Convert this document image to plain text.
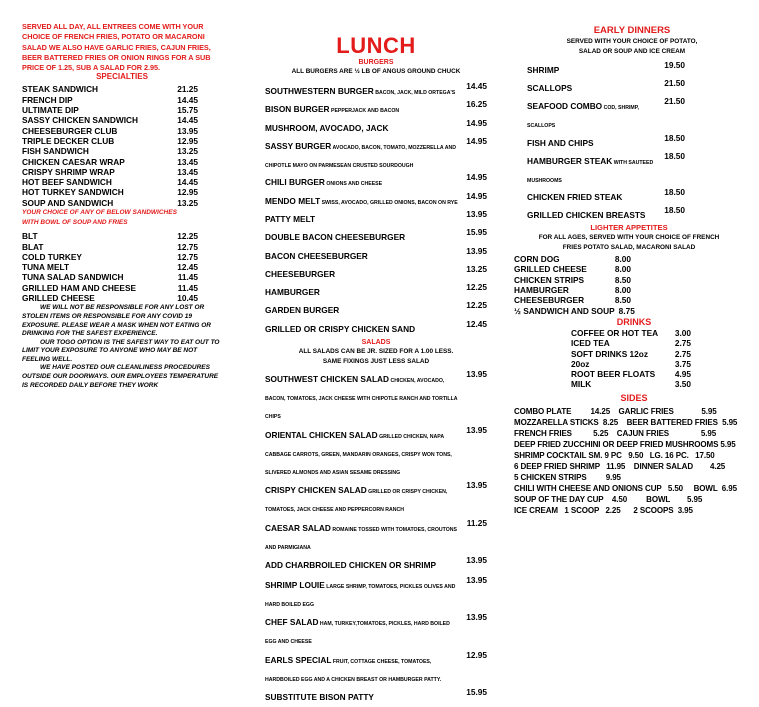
SERVED ALL DAY, ALL ENTREES COME WITH YOUR CHOICE OF FRENCH FRIES, POTATO OR MACARONI SALAD WE ALSO HAVE GARLIC FRIES, CAJUN FRIES, BEER BATTERED FRIES OR ONION RINGS FOR A SUB PRICE OF 1.25, SUB A SALAD FOR 2.95.
SPECIALTIES
STEAK SANDWICH	21.25
FRENCH DIP	14.45
ULTIMATE DIP	15.75
SASSY CHICKEN SANDWICH	14.45
CHEESEBURGER CLUB	13.95
TRIPLE DECKER CLUB	12.95
FISH SANDWICH	13.25
CHICKEN CAESAR WRAP	13.45
CRISPY SHRIMP WRAP	13.45
HOT BEEF SANDWICH	14.45
HOT TURKEY SANDWICH	12.95
SOUP AND SANDWICH	13.25
YOUR CHOICE OF ANY OF BELOW SANDWICHES WITH BOWL OF SOUP AND FRIES
BLT	12.25
BLAT	12.75
COLD TURKEY	12.75
TUNA MELT	12.45
TUNA SALAD SANDWICH	11.45
GRILLED HAM AND CHEESE	11.45
GRILLED CHEESE	10.45
WE WILL NOT BE RESPONSIBLE FOR ANY LOST OR STOLEN ITEMS OR RESPONSIBLE FOR ANY COVID 19 EXPOSURE. PLEASE WEAR A MASK WHEN NOT EATING OR DRINKING FOR THE SAFEST EXPERIENCE.
OUR TOGO OPTION IS THE SAFEST WAY TO EAT OUT TO LIMIT YOUR EXPOSURE TO ANYONE WHO MAY BE NOT FEELING WELL.
WE HAVE POSTED OUR CLEANLINESS PROCEDURES OUTSIDE OUR DOORWAYS. OUR EMPLOYEES TEMPERATURE IS RECORDED DAILY BEFORE THEY WORK
LUNCH
BURGERS
ALL BURGERS ARE ½ LB OF ANGUS GROUND CHUCK
SOUTHWESTERN BURGER BACON, JACK, MILD ORTEGA'S
14.45
BISON BURGER PEPPERJACK AND BACON
16.25
MUSHROOM, AVOCADO, JACK	14.95
SASSY BURGER AVOCADO, BACON, TOMATO, MOZZERELLA AND CHIPOTLE MAYO ON PARMESEAN CRUSTED SOURDOUGH
14.95
CHILI BURGER ONIONS AND CHEESE
14.95
MENDO MELT SWISS, AVOCADO, GRILLED ONIONS, BACON ON RYE
14.95
PATTY MELT	13.95
DOUBLE BACON CHEESEBURGER	15.95
BACON CHEESEBURGER	13.95
CHEESEBURGER	13.25
HAMBURGER	12.25
GARDEN BURGER	12.25
GRILLED OR CRISPY CHICKEN SAND	12.45
SALADS
ALL SALADS CAN BE JR. SIZED FOR A 1.00 LESS. SAME FIXINGS JUST LESS SALAD
SOUTHWEST CHICKEN SALAD CHICKEN, AVOCADO, BACON, TOMATOES, JACK CHEESE WITH CHIPOTLE RANCH AND TORTILLA CHIPS
13.95
ORIENTAL CHICKEN SALAD GRILLED CHICKEN, NAPA CABBAGE CARROTS, GREEN, MANDARIN ORANGES, CRISPY WON TONS, SLIVERED ALMONDS AND ASIAN SESAME DRESSING
13.95
CRISPY CHICKEN SALAD GRILLED OR CRISPY CHICKEN, TOMATOES, JACK CHEESE AND PEPPERCORN RANCH
13.95
CAESAR SALAD ROMAINE TOSSED WITH TOMATOES, CROUTONS AND PARMIGIANA
11.25
ADD CHARBROILED CHICKEN OR SHRIMP	13.95
SHRIMP LOUIE LARGE SHRIMP, TOMATOES, PICKLES OLIVES AND HARD BOILED EGG
13.95
CHEF SALAD HAM, TURKEY,TOMATOES, PICKLES, HARD BOILED EGG AND CHEESE
13.95
EARLS SPECIAL FRUIT, COTTAGE CHEESE, TOMATOES, HARDBOILED EGG AND A CHICKEN BREAST OR HAMBURGER PATTY.
12.95
SUBSTITUTE BISON PATTY	15.95
EARLY DINNERS
SERVED WITH YOUR CHOICE OF POTATO, SALAD OR SOUP AND ICE CREAM
SHRIMP	19.50
SCALLOPS	21.50
SEAFOOD COMBO COD, SHRIMP, SCALLOPS
21.50
FISH AND CHIPS	18.50
HAMBURGER STEAK WITH SAUTEED MUSHROOMS
18.50
CHICKEN FRIED STEAK	18.50
GRILLED CHICKEN BREASTS	18.50
LIGHTER APPETITES
FOR ALL AGES, SERVED WITH YOUR CHOICE OF FRENCH FRIES POTATO SALAD, MACARONI SALAD
CORN DOG	8.00
GRILLED CHEESE	8.00
CHICKEN STRIPS	8.50
HAMBURGER	8.00
CHEESEBURGER	8.50
½ SANDWICH AND SOUP 8.75
DRINKS
COFFEE OR HOT TEA	3.00
ICED TEA	2.75
SOFT DRINKS 12oz	2.75
20oz	3.75
ROOT BEER FLOATS	4.95
MILK	3.50
SIDES
COMBO PLATE         14.25    GARLIC FRIES             5.95
MOZZARELLA STICKS  8.25    BEER BATTERED FRIES  5.95
FRENCH FRIES          5.25    CAJUN FRIES               5.95
DEEP FRIED ZUCCHINI OR DEEP FRIED MUSHROOMS 5.95
SHRIMP COCKTAIL SM. 9 PC   9.50   LG. 16 PC.   17.50
6 DEEP FRIED SHRIMP   11.95    DINNER SALAD        4.25
5 CHICKEN STRIPS         9.95
CHILI WITH CHEESE AND ONIONS CUP   5.50     BOWL  6.95
SOUP OF THE DAY CUP    4.50         BOWL        5.95
ICE CREAM   1 SCOOP   2.25      2 SCOOPS  3.95
